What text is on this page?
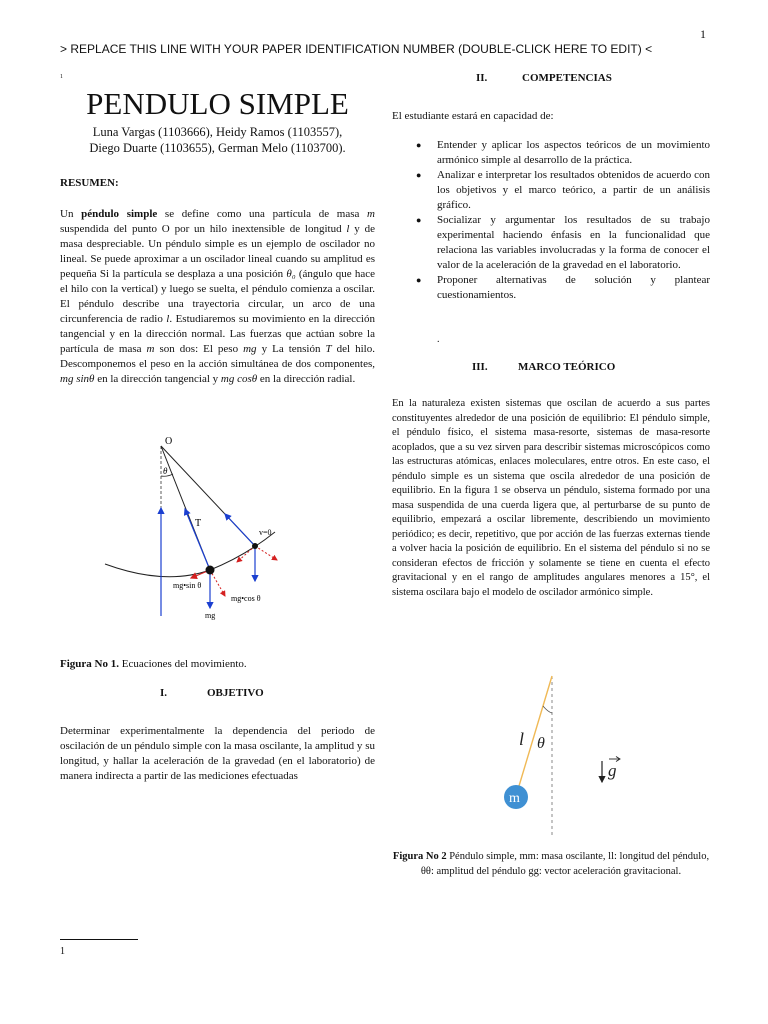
1
> REPLACE THIS LINE WITH YOUR PAPER IDENTIFICATION NUMBER (DOUBLE-CLICK HERE TO EDIT) <
1
PENDULO SIMPLE
Luna Vargas (1103666), Heidy Ramos (1103557),
Diego Duarte (1103655), German Melo (1103700).
RESUMEN:
Un péndulo simple se define como una partícula de masa m suspendida del punto O por un hilo inextensible de longitud l y de masa despreciable. Un péndulo simple es un ejemplo de oscilador no lineal. Se puede aproximar a un oscilador lineal cuando su amplitud es pequeña Si la partícula se desplaza a una posición θ₀ (ángulo que hace el hilo con la vertical) y luego se suelta, el péndulo comienza a oscilar. El péndulo describe una trayectoria circular, un arco de una circunferencia de radio l. Estudiaremos su movimiento en la dirección tangencial y en la dirección normal. Las fuerzas que actúan sobre la partícula de masa m son dos: El peso mg y La tensión T del hilo. Descomponemos el peso en la acción simultánea de dos componentes, mg sinθ en la dirección tangencial y mg cosθ en la dirección radial.
O
θ
T
v=0
mg•sin θ
mg•cos θ
mg
Figura No 1. Ecuaciones del movimiento.
I.	OBJETIVO
Determinar experimentalmente la dependencia del periodo de oscilación de un péndulo simple con la masa oscilante, la amplitud y su longitud, y hallar la aceleración de la gravedad (en el laboratorio) de manera indirecta a partir de las mediciones efectuadas
1
II.	COMPETENCIAS
El estudiante estará en capacidad de:
● Entender y aplicar los aspectos teóricos de un movimiento armónico simple al desarrollo de la práctica.
● Analizar e interpretar los resultados obtenidos de acuerdo con los objetivos y el marco teórico, a partir de un análisis gráfico.
● Socializar y argumentar los resultados de su trabajo experimental haciendo énfasis en la funcionalidad que relaciona las variables involucradas y la forma de conocer el valor de la aceleración de la gravedad en el laboratorio.
● Proponer alternativas de solución y plantear cuestionamientos.
.
III.	MARCO TEÓRICO
En la naturaleza existen sistemas que oscilan de acuerdo a sus partes constituyentes alrededor de una posición de equilibrio: El péndulo simple, el péndulo físico, el sistema masa-resorte, sistemas de masa-resorte acoplados, que a su vez sirven para describir sistemas microscópicos como las estructuras atómicas, enlaces moleculares, entre otros. En este caso, el péndulo simple es un sistema que oscila alrededor de una posición de equilibrio. En la figura 1 se observa un péndulo, sistema formado por una masa suspendida de una cuerda ligera que, al perturbarse de su punto de equilibrio, empezará a oscilar libremente, describiendo un movimiento periódico; es decir, repetitivo, que por acción de las fuerzas externas tiende a volver hacia la posición de equilibrio. En el sistema del péndulo si no se consideran efectos de fricción y solamente se tiene en cuenta el efecto gravitacional y en el rango de amplitudes angulares menores a 15°, el sistema oscilara bajo el modelo de oscilador armónico simple.
m
l θ
g
Figura No 2 Péndulo simple, mm: masa oscilante, ll: longitud del péndulo, θθ: amplitud del péndulo gg: vector aceleración gravitacional.
